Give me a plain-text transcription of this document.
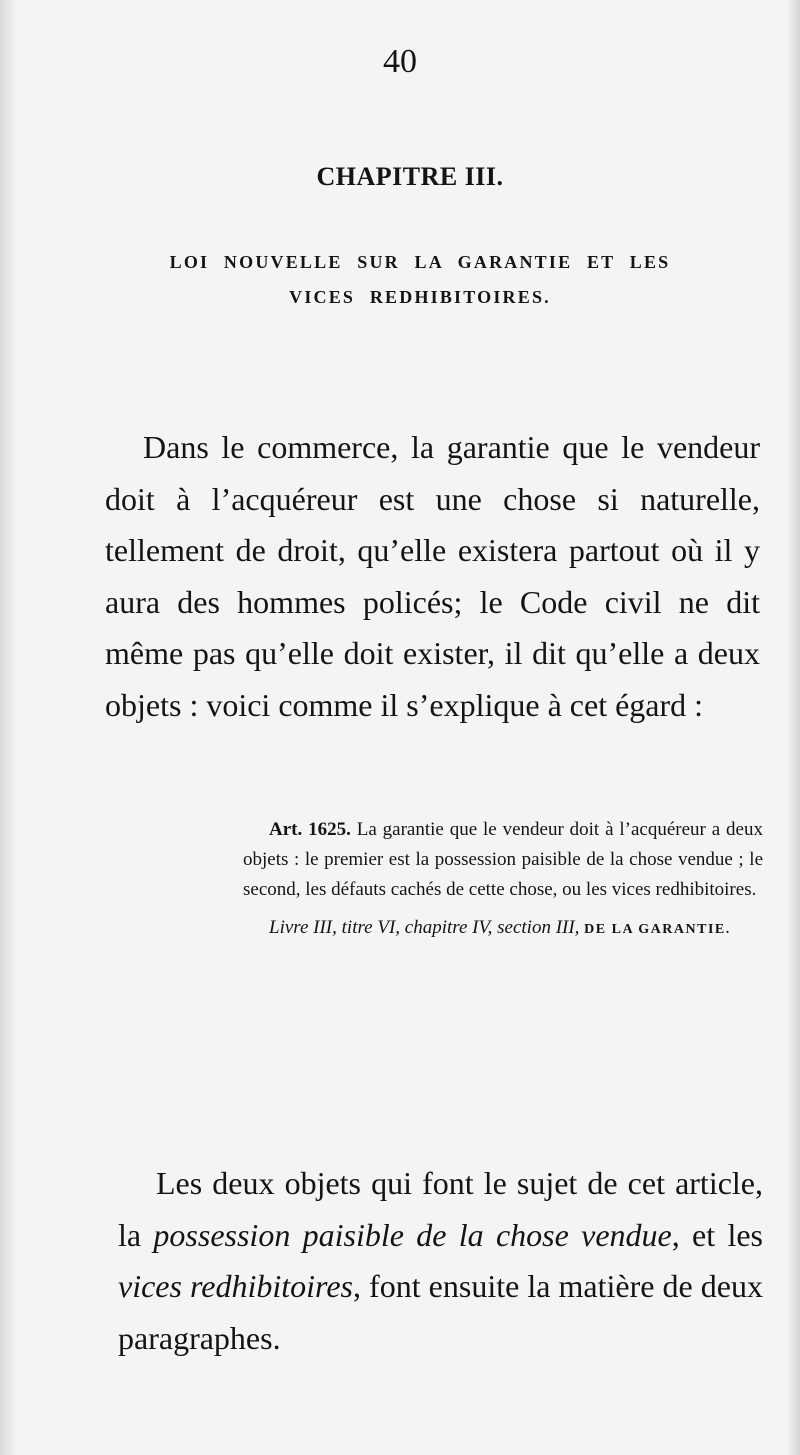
40
CHAPITRE III.
LOI NOUVELLE SUR LA GARANTIE ET LES
VICES REDHIBITOIRES.

Dans le commerce, la garantie que le vendeur doit à l’acquéreur est une chose si naturelle, tellement de droit, qu’elle existera partout où il y aura des hommes policés; le Code civil ne dit même pas qu’elle doit exister, il dit qu’elle a deux objets : voici comme il s’explique à cet égard :

Art. 1625. La garantie que le vendeur doit à l’acquéreur a deux objets : le premier est la possession paisible de la chose vendue ; le second, les défauts cachés de cette chose, ou les vices redhibitoires.
Livre III, titre VI, chapitre IV, section III, DE LA GARANTIE.

Les deux objets qui font le sujet de cet article, la possession paisible de la chose vendue, et les vices redhibitoires, font ensuite la matière de deux paragraphes.
